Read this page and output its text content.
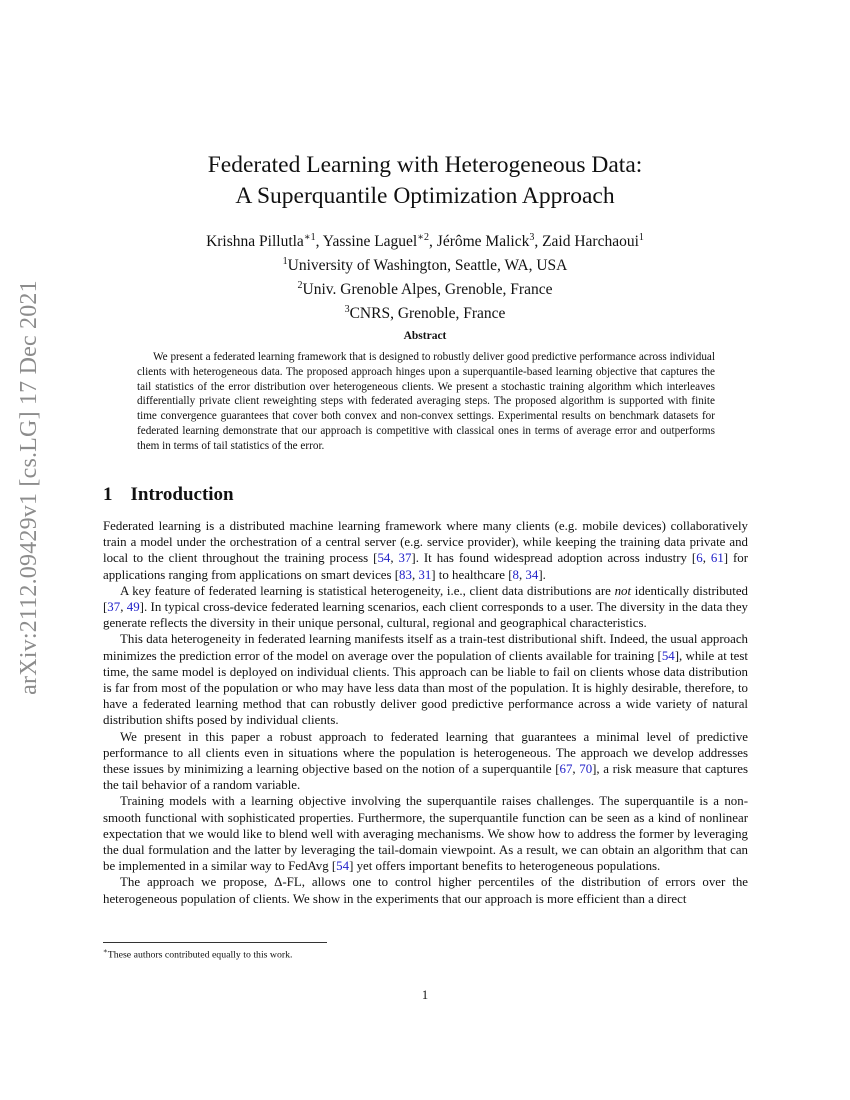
arXiv:2112.09429v1 [cs.LG] 17 Dec 2021
Federated Learning with Heterogeneous Data:
A Superquantile Optimization Approach
Krishna Pillutla$^{∗1}$, Yassine Laguel$^{∗2}$, Jérôme Malick$^3$, Zaid Harchaoui$^1$
$^1$University of Washington, Seattle, WA, USA
$^2$Univ. Grenoble Alpes, Grenoble, France
$^3$CNRS, Grenoble, France
Abstract

We present a federated learning framework that is designed to robustly deliver good predictive performance across individual clients with heterogeneous data. The proposed approach hinges upon a superquantile-based learning objective that captures the tail statistics of the error distribution over heterogeneous clients. We present a stochastic training algorithm which interleaves differentially private client reweighting steps with federated averaging steps. The proposed algorithm is supported with finite time convergence guarantees that cover both convex and non-convex settings. Experimental results on benchmark datasets for federated learning demonstrate that our approach is competitive with classical ones in terms of average error and outperforms them in terms of tail statistics of the error.

1 Introduction

Federated learning is a distributed machine learning framework where many clients (e.g. mobile devices) collaboratively train a model under the orchestration of a central server (e.g. service provider), while keeping the training data private and local to the client throughout the training process [54, 37]. It has found widespread adoption across industry [6, 61] for applications ranging from applications on smart devices [83, 31] to healthcare [8, 34].

A key feature of federated learning is statistical heterogeneity, i.e., client data distributions are not identically distributed [37, 49]. In typical cross-device federated learning scenarios, each client corresponds to a user. The diversity in the data they generate reflects the diversity in their unique personal, cultural, regional and geographical characteristics.

This data heterogeneity in federated learning manifests itself as a train-test distributional shift. Indeed, the usual approach minimizes the prediction error of the model on average over the population of clients available for training [54], while at test time, the same model is deployed on individual clients. This approach can be liable to fail on clients whose data distribution is far from most of the population or who may have less data than most of the population. It is highly desirable, therefore, to have a federated learning method that can robustly deliver good predictive performance across a wide variety of natural distribution shifts posed by individual clients.

We present in this paper a robust approach to federated learning that guarantees a minimal level of predictive performance to all clients even in situations where the population is heterogeneous. The approach we develop addresses these issues by minimizing a learning objective based on the notion of a superquantile [67, 70], a risk measure that captures the tail behavior of a random variable.

Training models with a learning objective involving the superquantile raises challenges. The superquantile is a non-smooth functional with sophisticated properties. Furthermore, the superquantile function can be seen as a kind of nonlinear expectation that we would like to blend well with averaging mechanisms. We show how to address the former by leveraging the dual formulation and the latter by leveraging the tail-domain viewpoint. As a result, we can obtain an algorithm that can be implemented in a similar way to FedAvg [54] yet offers important benefits to heterogeneous populations.

The approach we propose, Δ-FL, allows one to control higher percentiles of the distribution of errors over the heterogeneous population of clients. We show in the experiments that our approach is more efficient than a direct

∗These authors contributed equally to this work.
1
